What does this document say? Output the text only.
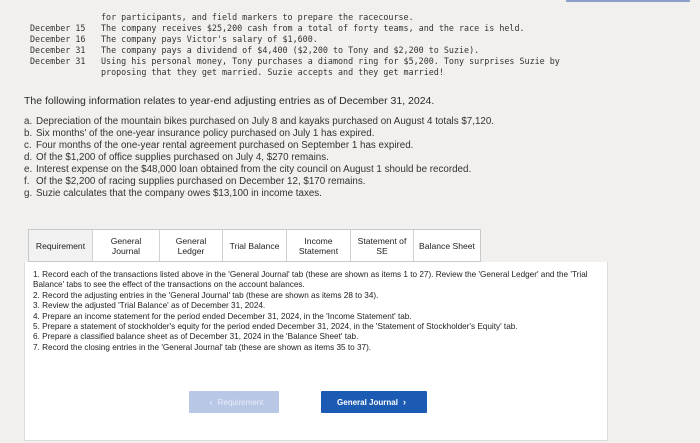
for participants, and field markers to prepare the racecourse.
December 15	The company receives $25,200 cash from a total of forty teams, and the race is held.
December 16	The company pays Victor's salary of $1,600.
December 31	The company pays a dividend of $4,400 ($2,200 to Tony and $2,200 to Suzie).
December 31	Using his personal money, Tony purchases a diamond ring for $5,200. Tony surprises Suzie by
proposing that they get married. Suzie accepts and they get married!
The following information relates to year-end adjusting entries as of December 31, 2024.
a. Depreciation of the mountain bikes purchased on July 8 and kayaks purchased on August 4 totals $7,120.
b. Six months' of the one-year insurance policy purchased on July 1 has expired.
c. Four months of the one-year rental agreement purchased on September 1 has expired.
d. Of the $1,200 of office supplies purchased on July 4, $270 remains.
e. Interest expense on the $48,000 loan obtained from the city council on August 1 should be recorded.
f. Of the $2,200 of racing supplies purchased on December 12, $170 remains.
g. Suzie calculates that the company owes $13,100 in income taxes.
Requirement	General Journal
General Ledger	Trial Balance	Income Statement
Statement of SE	Balance Sheet

1. Record each of the transactions listed above in the 'General Journal' tab (these are shown as items 1 to 27). Review the 'General Ledger' and the 'Trial Balance' tabs to see the effect of the transactions on the account balances.

2. Record the adjusting entries in the 'General Journal' tab (these are shown as items 28 to 34).

3. Review the adjusted 'Trial Balance' as of December 31, 2024.

4. Prepare an income statement for the period ended December 31, 2024, in the 'Income Statement' tab.

5. Prepare a statement of stockholder's equity for the period ended December 31, 2024, in the 'Statement of Stockholder's Equity' tab.

6. Prepare a classified balance sheet as of December 31, 2024 in the 'Balance Sheet' tab.

7. Record the closing entries in the 'General Journal' tab (these are shown as items 35 to 37).

‹ Requirement	General Journal ›
